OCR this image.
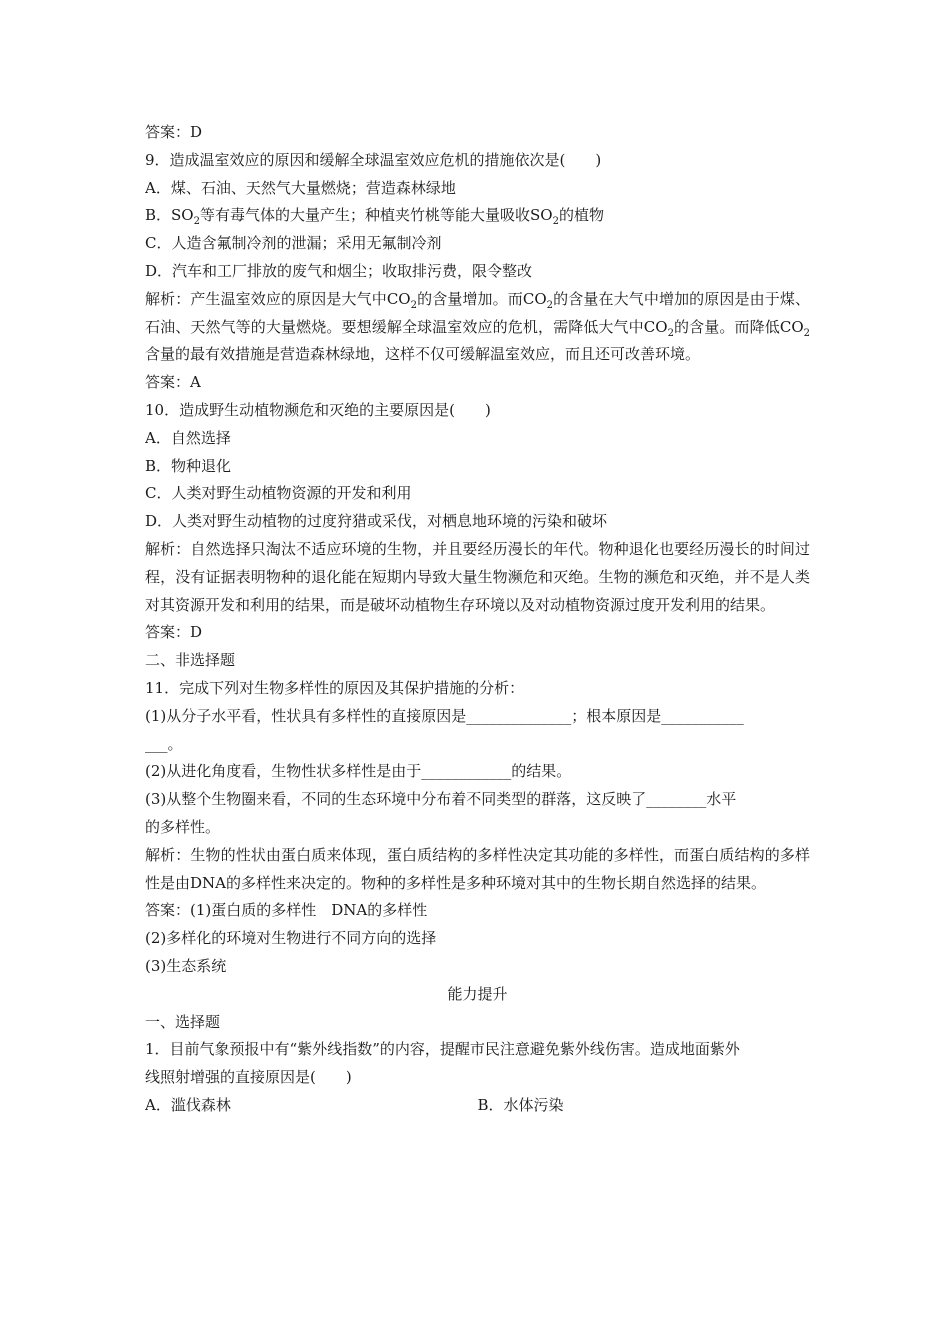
答案：D
9．造成温室效应的原因和缓解全球温室效应危机的措施依次是(　　)
A．煤、石油、天然气大量燃烧；营造森林绿地
B．$SO_2$等有毒气体的大量产生；种植夹竹桃等能大量吸收$SO_2$的植物
C．人造含氟制冷剂的泄漏；采用无氟制冷剂
D．汽车和工厂排放的废气和烟尘；收取排污费，限令整改
解析：产生温室效应的原因是大气中$CO_2$的含量增加。而$CO_2$的含量在大气中增加的原因是由于煤、石油、天然气等的大量燃烧。要想缓解全球温室效应的危机，需降低大气中$CO_2$的含量。而降低$CO_2$含量的最有效措施是营造森林绿地，这样不仅可缓解温室效应，而且还可改善环境。
答案：A
10．造成野生动植物濒危和灭绝的主要原因是(　　)
A．自然选择
B．物种退化
C．人类对野生动植物资源的开发和利用
D．人类对野生动植物的过度狩猎或采伐，对栖息地环境的污染和破坏
解析：自然选择只淘汰不适应环境的生物，并且要经历漫长的年代。物种退化也要经历漫长的时间过程，没有证据表明物种的退化能在短期内导致大量生物濒危和灭绝。生物的濒危和灭绝，并不是人类对其资源开发和利用的结果，而是破坏动植物生存环境以及对动植物资源过度开发利用的结果。
答案：D
二、非选择题
11．完成下列对生物多样性的原因及其保护措施的分析：
(1)从分子水平看，性状具有多样性的直接原因是______________；根本原因是___________
___。
(2)从进化角度看，生物性状多样性是由于____________的结果。
(3)从整个生物圈来看，不同的生态环境中分布着不同类型的群落，这反映了________水平
的多样性。
解析：生物的性状由蛋白质来体现，蛋白质结构的多样性决定其功能的多样性，而蛋白质结构的多样性是由DNA的多样性来决定的。物种的多样性是多种环境对其中的生物长期自然选择的结果。
答案：(1)蛋白质的多样性　DNA的多样性
(2)多样化的环境对生物进行不同方向的选择
(3)生态系统
能力提升
一、选择题
1．目前气象预报中有“紫外线指数”的内容，提醒市民注意避免紫外线伤害。造成地面紫外
线照射增强的直接原因是(　　)
A．滥伐森林	B．水体污染
